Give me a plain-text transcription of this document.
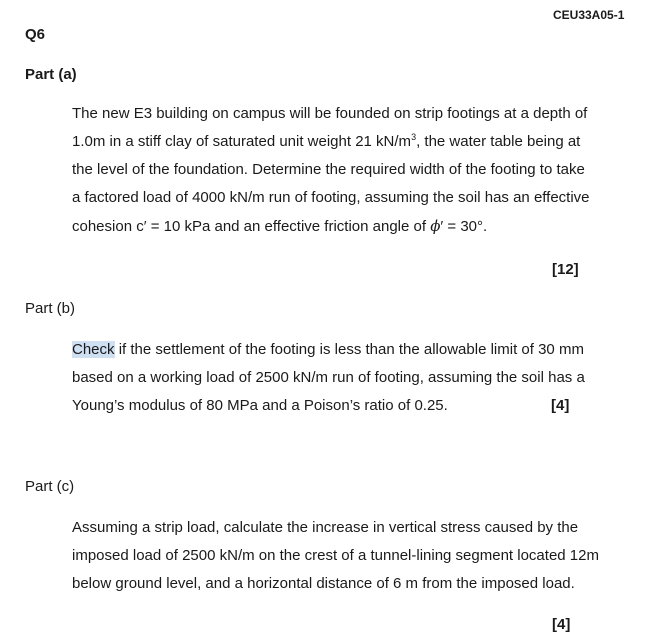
CEU33A05-1
Q6
Part (a)
The new E3 building on campus will be founded on strip footings at a depth of
1.0m in a stiff clay of saturated unit weight 21 $kN/m^3$, the water table being at
the level of the foundation. Determine the required width of the footing to take
a factored load of 4000 kN/m run of footing, assuming the soil has an effective
cohesion c′ = 10 kPa and an effective friction angle of ϕ′ = 30°.
[12]
Part (b)
Check if the settlement of the footing is less than the allowable limit of 30 mm
based on a working load of 2500 kN/m run of footing, assuming the soil has a
Young’s modulus of 80 MPa and a Poison’s ratio of 0.25.	[4]
Part (c)
Assuming a strip load, calculate the increase in vertical stress caused by the
imposed load of 2500 kN/m on the crest of a tunnel-lining segment located 12m
below ground level, and a horizontal distance of 6 m from the imposed load.
[4]
